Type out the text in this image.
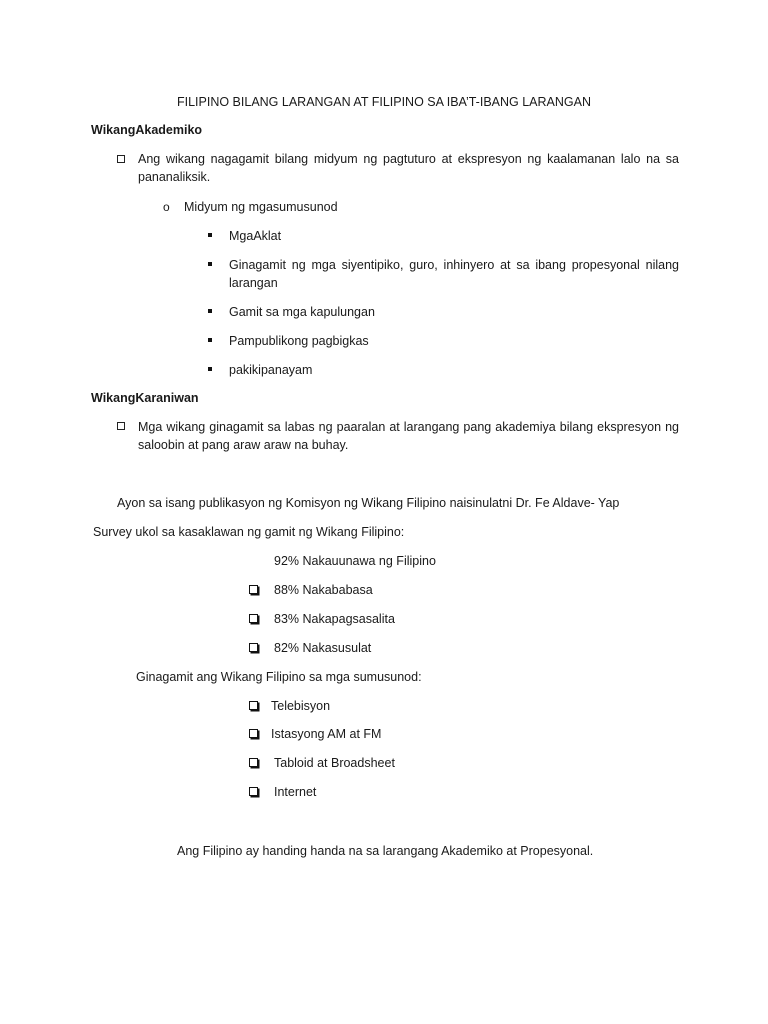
FILIPINO BILANG LARANGAN AT FILIPINO SA IBA’T-IBANG LARANGAN
WikangAkademiko
Ang wikang nagagamit bilang midyum ng pagtuturo at ekspresyon ng kaalamanan lalo na sa pananaliksik.
o Midyum ng mgasumusunod
MgaAklat
Ginagamit ng mga siyentipiko, guro, inhinyero at sa ibang propesyonal nilang larangan
Gamit sa mga kapulungan
Pampublikong pagbigkas
pakikipanayam
WikangKaraniwan
Mga wikang ginagamit sa labas ng paaralan at larangang pang akademiya bilang ekspresyon ng saloobin at pang araw araw na buhay.
Ayon sa isang publikasyon ng Komisyon ng Wikang Filipino naisinulatni Dr. Fe Aldave- Yap
Survey ukol sa kasaklawan ng gamit ng Wikang Filipino:
92% Nakauunawa ng Filipino
88% Nakababasa
83% Nakapagsasalita
82% Nakasusulat
Ginagamit ang Wikang Filipino sa mga sumusunod:
Telebisyon
Istasyong AM at FM
Tabloid at Broadsheet
Internet
Ang Filipino ay handing handa na sa larangang Akademiko at Propesyonal.
